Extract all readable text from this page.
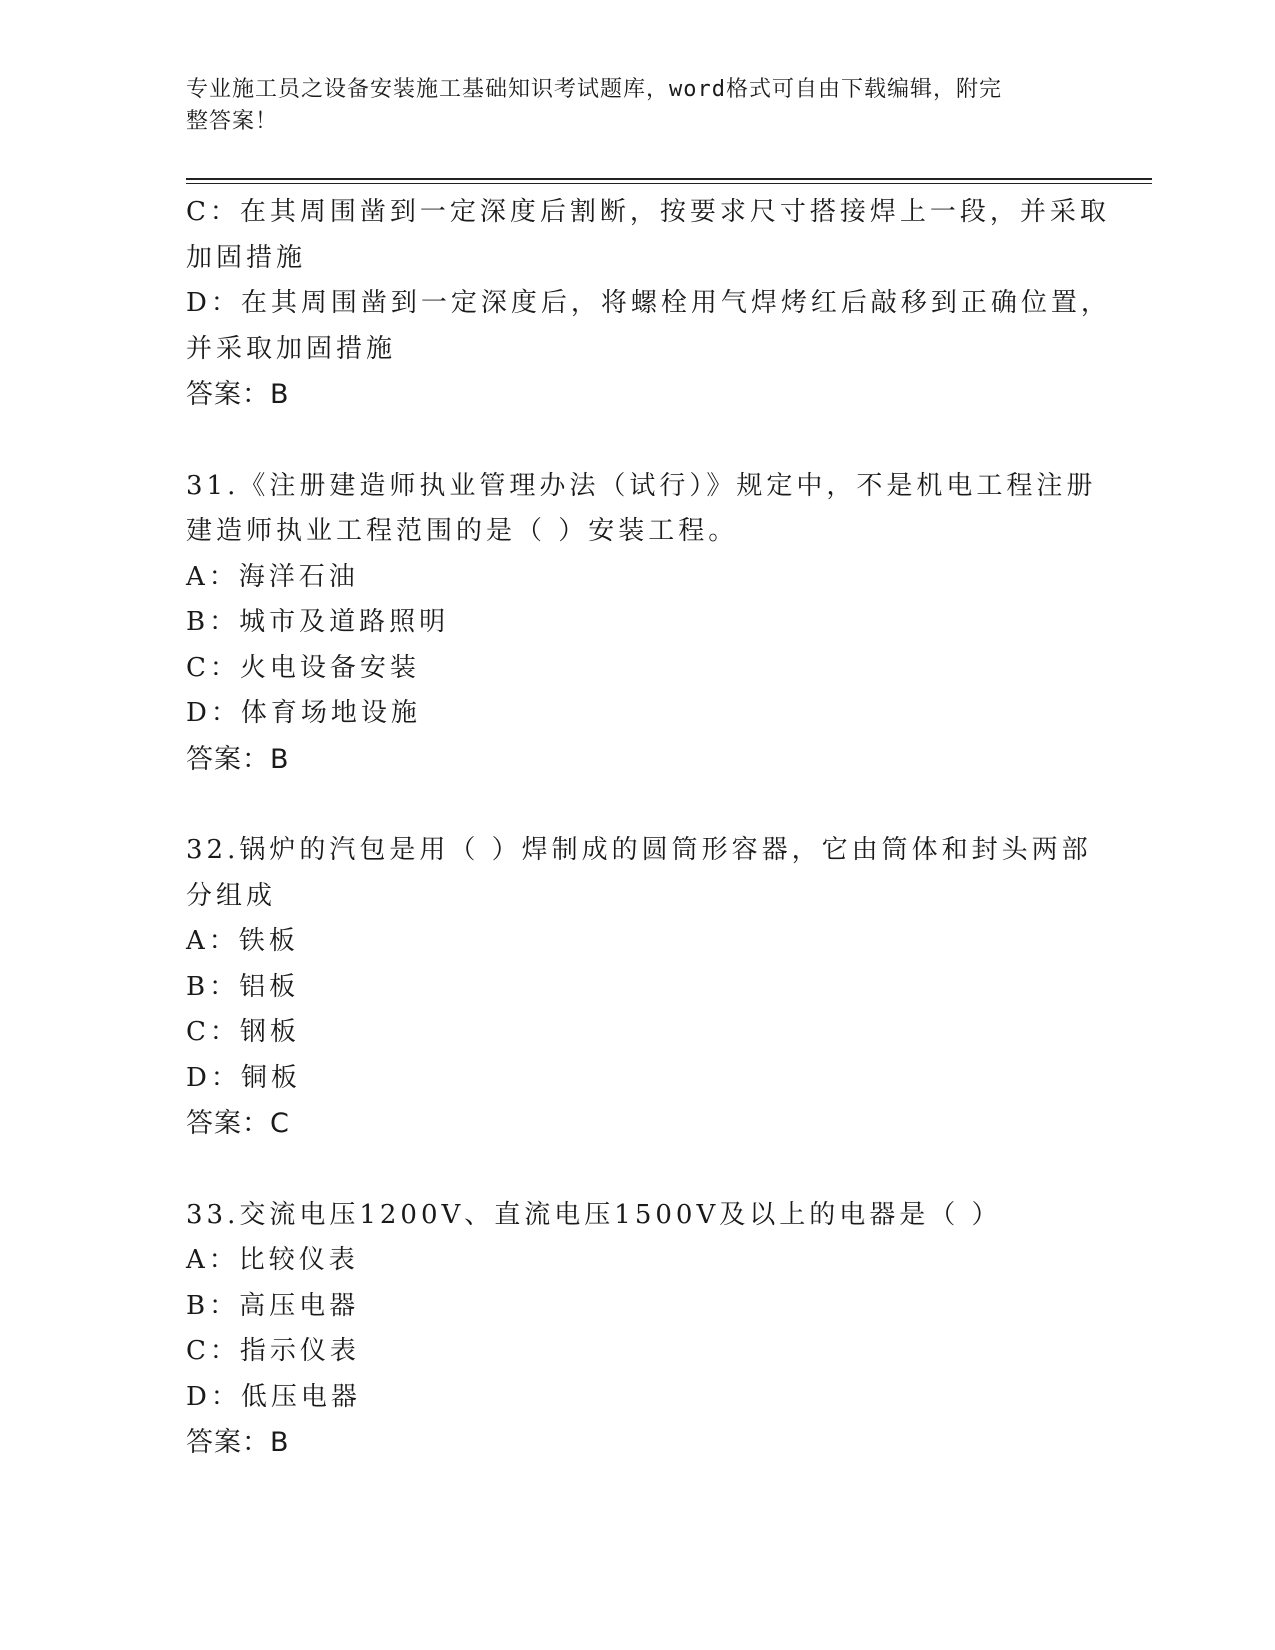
专业施工员之设备安装施工基础知识考试题库，word格式可自由下载编辑，附完
整答案！
C：在其周围凿到一定深度后割断，按要求尺寸搭接焊上一段，并采取
加固措施
D：在其周围凿到一定深度后，将螺栓用气焊烤红后敲移到正确位置，
并采取加固措施
答案：B
31.《注册建造师执业管理办法（试行）》规定中，不是机电工程注册
建造师执业工程范围的是（ ）安装工程。
A：海洋石油
B：城市及道路照明
C：火电设备安装
D：体育场地设施
答案：B
32.锅炉的汽包是用（ ）焊制成的圆筒形容器，它由筒体和封头两部
分组成
A：铁板
B：铝板
C：钢板
D：铜板
答案：C
33.交流电压1200V、直流电压1500V及以上的电器是（ ）
A：比较仪表
B：高压电器
C：指示仪表
D：低压电器
答案：B
